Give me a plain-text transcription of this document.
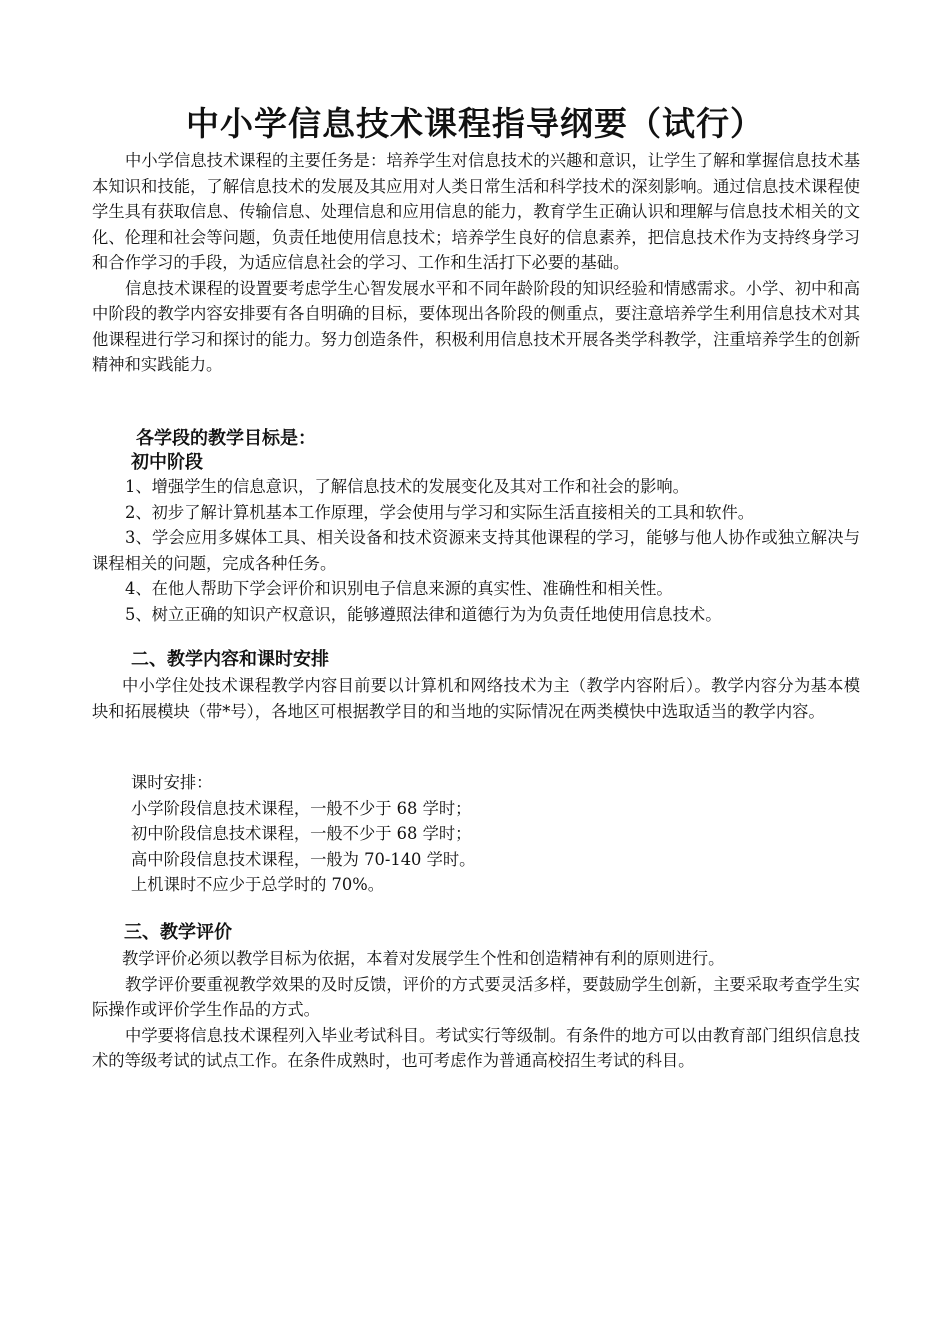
中小学信息技术课程指导纲要（试行）

中小学信息技术课程的主要任务是：培养学生对信息技术的兴趣和意识，让学生了解和掌握信息技术基本知识和技能，了解信息技术的发展及其应用对人类日常生活和科学技术的深刻影响。通过信息技术课程使学生具有获取信息、传输信息、处理信息和应用信息的能力，教育学生正确认识和理解与信息技术相关的文化、伦理和社会等问题，负责任地使用信息技术；培养学生良好的信息素养，把信息技术作为支持终身学习和合作学习的手段，为适应信息社会的学习、工作和生活打下必要的基础。

信息技术课程的设置要考虑学生心智发展水平和不同年龄阶段的知识经验和情感需求。小学、初中和高中阶段的教学内容安排要有各自明确的目标，要体现出各阶段的侧重点，要注意培养学生利用信息技术对其他课程进行学习和探讨的能力。努力创造条件，积极利用信息技术开展各类学科教学，注重培养学生的创新精神和实践能力。

各学段的教学目标是：
初中阶段

1、增强学生的信息意识，了解信息技术的发展变化及其对工作和社会的影响。

2、初步了解计算机基本工作原理，学会使用与学习和实际生活直接相关的工具和软件。

3、学会应用多媒体工具、相关设备和技术资源来支持其他课程的学习，能够与他人协作或独立解决与课程相关的问题，完成各种任务。

4、在他人帮助下学会评价和识别电子信息来源的真实性、准确性和相关性。

5、树立正确的知识产权意识，能够遵照法律和道德行为为负责任地使用信息技术。

二、教学内容和课时安排

中小学住处技术课程教学内容目前要以计算机和网络技术为主（教学内容附后）。教学内容分为基本模块和拓展模块（带*号），各地区可根据教学目的和当地的实际情况在两类模快中选取适当的教学内容。

课时安排：

小学阶段信息技术课程，一般不少于 68 学时；

初中阶段信息技术课程，一般不少于 68 学时；

高中阶段信息技术课程，一般为 70-140 学时。

上机课时不应少于总学时的 70%。

三、教学评价

教学评价必须以教学目标为依据，本着对发展学生个性和创造精神有利的原则进行。

教学评价要重视教学效果的及时反馈，评价的方式要灵活多样，要鼓励学生创新，主要采取考查学生实际操作或评价学生作品的方式。

中学要将信息技术课程列入毕业考试科目。考试实行等级制。有条件的地方可以由教育部门组织信息技术的等级考试的试点工作。在条件成熟时，也可考虑作为普通高校招生考试的科目。
